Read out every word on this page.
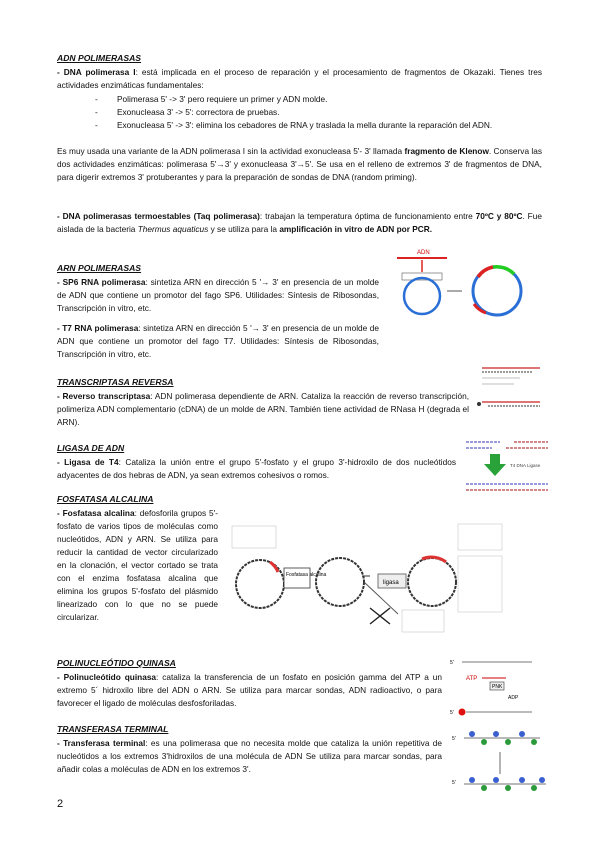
ADN POLIMERASAS
- DNA polimerasa I: está implicada en el proceso de reparación y el procesamiento de fragmentos de Okazaki. Tienes tres actividades enzimáticas fundamentales:
- Polimerasa 5' -> 3' pero requiere un primer y ADN molde.
- Exonucleasa 3' -> 5': correctora de pruebas.
- Exonucleasa 5' -> 3': elimina los cebadores de RNA y traslada la mella durante la reparación del ADN.
Es muy usada una variante de la ADN polimerasa I sin la actividad exonucleasa 5'- 3' llamada fragmento de Klenow. Conserva las dos actividades enzimáticas: polimerasa 5'→3' y exonucleasa 3'→5'. Se usa en el relleno de extremos 3' de fragmentos de DNA, para digerir extremos 3' protuberantes y para la preparación de sondas de DNA (random priming).
- DNA polimerasas termoestables (Taq polimerasa): trabajan la temperatura óptima de funcionamiento entre 70ºC y 80ºC. Fue aislada de la bacteria Thermus aquaticus y se utiliza para la amplificación in vitro de ADN por PCR.
ARN POLIMERASAS
- SP6 RNA polimerasa: sintetiza ARN en dirección 5 '→ 3' en presencia de un molde de ADN que contiene un promotor del fago SP6. Utilidades: Síntesis de Ribosondas, Transcripción in vitro, etc.
- T7 RNA polimerasa: sintetiza ARN en dirección 5 '→ 3' en presencia de un molde de ADN que contiene un promotor del fago T7. Utilidades: Síntesis de Ribosondas, Transcripción in vitro, etc.
TRANSCRIPTASA REVERSA
- Reverso transcriptasa: ADN polimerasa dependiente de ARN. Cataliza la reacción de reverso transcripción, polimeriza ADN complementario (cDNA) de un molde de ARN. También tiene actividad de RNasa H (degrada el ARN).
LIGASA DE ADN
- Ligasa de T4: Cataliza la unión entre el grupo 5'-fosfato y el grupo 3'-hidroxilo de dos nucleótidos adyacentes de dos hebras de ADN, ya sean extremos cohesivos o romos.
FOSFATASA ALCALINA
- Fosfatasa alcalina: defosforila grupos 5'-fosfato de varios tipos de moléculas como nucleótidos, ADN y ARN. Se utiliza para reducir la cantidad de vector circularizado en la clonación, el vector cortado se trata con el enzima fosfatasa alcalina que elimina los grupos 5'-fosfato del plásmido linearizado con lo que no se puede circularizar.
POLINUCLEÓTIDO QUINASA
- Polinucleótido quinasa: cataliza la transferencia de un fosfato en posición gamma del ATP a un extremo 5´ hidroxilo libre del ADN o ARN. Se utiliza para marcar sondas, ADN radioactivo, o para favorecer el ligado de moléculas desfosforiladas.
TRANSFERASA TERMINAL
- Transferasa terminal: es una polimerasa que no necesita molde que cataliza la unión repetitiva de nucleótidos a los extremos 3'hidroxilos de una molécula de ADN Se utiliza para marcar sondas, para añadir colas a moléculas de ADN en los extremos 3'.
2
ADN
T4 DNA Ligase
Fosfatasa alcalina
ligasa
5'
ATP
PNK
ADP
5'
5'
5'
